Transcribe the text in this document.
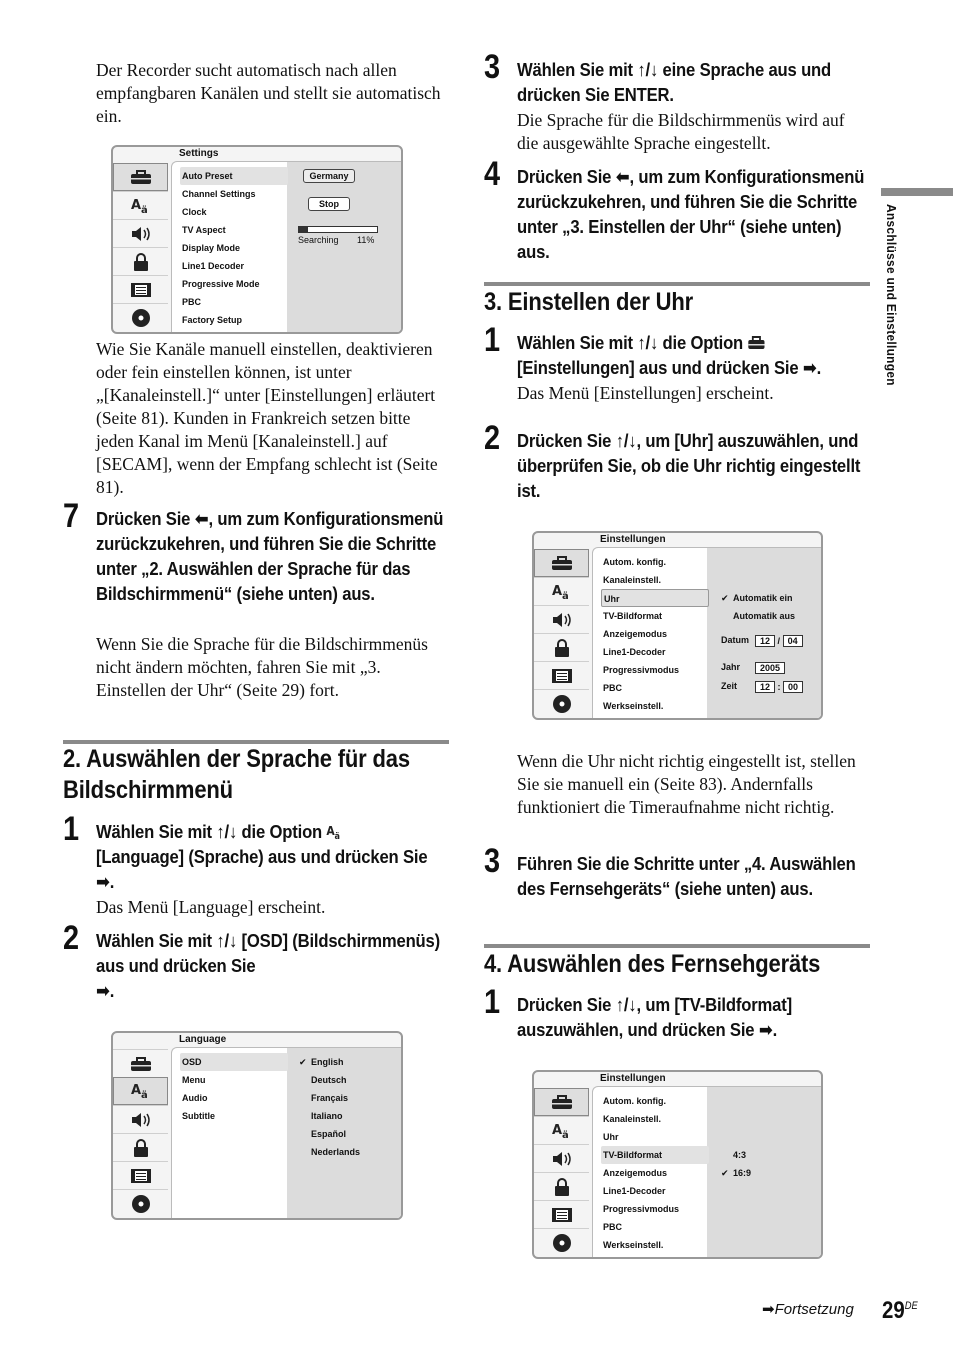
Anschlüsse und Einstellungen
Der Recorder sucht automatisch nach allen empfangbaren Kanälen und stellt sie automatisch ein.
Settings
A ä
Auto Preset
Channel Settings
Clock
TV Aspect
Display Mode
Line1 Decoder
Progressive Mode
PBC
Factory Setup
Germany
Stop
Searching 11%
Wie Sie Kanäle manuell einstellen, deaktivieren oder fein einstellen können, ist unter „[Kanaleinstell.]“ unter [Einstellungen] erläutert (Seite 81). Kunden in Frankreich setzen bitte jeden Kanal im Menü [Kanaleinstell.] auf [SECAM], wenn der Empfang schlecht ist (Seite 81).
7 Drücken Sie ⬅, um zum Konfigurationsmenü zurückzukehren, und führen Sie die Schritte unter „2. Auswählen der Sprache für das Bildschirmmenü“ (siehe unten) aus.
Wenn Sie die Sprache für die Bildschirmmenüs nicht ändern möchten, fahren Sie mit „3. Einstellen der Uhr“ (Seite 29) fort.
2. Auswählen der Sprache für das Bildschirmmenü
1 Wählen Sie mit ↑/↓ die Option A ä

[Language] (Sprache) aus und drücken Sie
➡.
Das Menü [Language] erscheint.
2 Wählen Sie mit ↑/↓ [OSD] (Bildschirmmenüs) aus und drücken Sie
➡.
Language
A ä
OSD
Menu
Audio
Subtitle
✔ English
Deutsch
Français
Italiano
Español
Nederlands
3 Wählen Sie mit ↑/↓ eine Sprache aus und drücken Sie ENTER.
Die Sprache für die Bildschirmmenüs wird auf die ausgewählte Sprache eingestellt.
4 Drücken Sie ⬅, um zum Konfigurationsmenü zurückzukehren, und führen Sie die Schritte unter „3. Einstellen der Uhr“ (siehe unten) aus.
3. Einstellen der Uhr
1 Wählen Sie mit ↑/↓ die Option
[Einstellungen] aus und drücken Sie ➡.
Das Menü [Einstellungen] erscheint.
2 Drücken Sie ↑/↓, um [Uhr] auszuwählen, und überprüfen Sie, ob die Uhr richtig eingestellt ist.
Einstellungen
A ä
Autom. konfig.
Kanaleinstell.
Uhr
TV-Bildformat
Anzeigemodus
Line1-Decoder
Progressivmodus
PBC
Werkseinstell.
✔ Automatik ein
Automatik aus
Datum	12 / 04
Jahr	2005
Zeit	12 : 00
Wenn die Uhr nicht richtig eingestellt ist, stellen Sie sie manuell ein (Seite 83). Andernfalls funktioniert die Timeraufnahme nicht richtig.
3 Führen Sie die Schritte unter „4. Auswählen des Fernsehgeräts“ (siehe unten) aus.
4. Auswählen des Fernsehgeräts
1 Drücken Sie ↑/↓, um [TV-Bildformat] auszuwählen, und drücken Sie ➡.
Einstellungen
A ä
Autom. konfig.
Kanaleinstell.
Uhr
TV-Bildformat
Anzeigemodus
Line1-Decoder
Progressivmodus
PBC
Werkseinstell.
4:3
✔ 16:9
➡Fortsetzung 29DE
